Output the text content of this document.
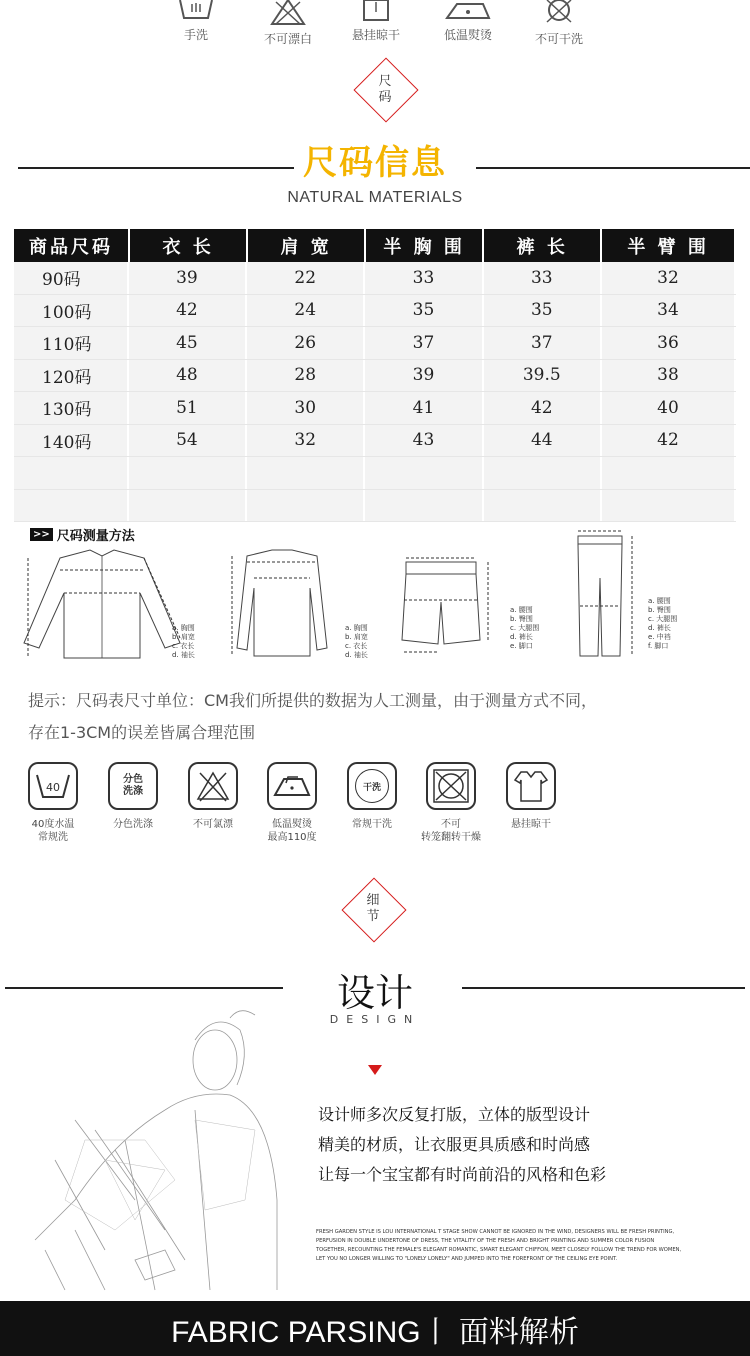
手洗	不可漂白	悬挂晾干	低温熨烫	不可干洗
尺
码
尺码信息
NATURAL MATERIALS
商品尺码	衣 长	肩 宽	半 胸 围	裤 长	半 臂 围
90码	39	22	33	33	32
100码	42	24	35	35	34
110码	45	26	37	37	36
120码	48	28	39	39.5	38
130码	51	30	41	42	40
140码	54	32	43	44	42
>> 尺码测量方法
a. 胸围
b. 肩宽
c. 衣长
d. 袖长
a. 胸围
b. 肩宽
c. 衣长
d. 袖长
a. 腰围
b. 臀围
c. 大腿围
d. 裤长
e. 脚口
a. 腰围
b. 臀围
c. 大腿围
d. 裤长
e. 中裆
f. 脚口
提示：尺码表尺寸单位：CM我们所提供的数据为人工测量，由于测量方式不同，
存在1-3CM的误差皆属合理范围
40
40度水温
常规洗
分色
洗涤
分色洗涤	不可氯漂	低温熨烫
最高110度
干洗
常规干洗	不可
转笼翻转干燥
悬挂晾干
细
节
设计
DESIGN
设计师多次反复打版，立体的版型设计
精美的材质，让衣服更具质感和时尚感
让每一个宝宝都有时尚前沿的风格和色彩
FRESH GARDEN STYLE IS LOU INTERNATIONAL T STAGE SHOW CANNOT BE IGNORED IN THE WIND, DESIGNERS WILL BE FRESH PRINTING, PERFUSION IN DOUBLE UNDERTONE OF DRESS, THE VITALITY OF THE FRESH AND BRIGHT PRINTING AND SUMMER COLOR FUSION TOGETHER, RECOUNTING THE FEMALE'S ELEGANT ROMANTIC, SMART ELEGANT CHIFFON, MEET CLOSELY FOLLOW THE TREND FOR WOMEN, LET YOU NO LONGER WILLING TO "LONELY LONELY" AND JUMPED INTO THE FOREFRONT OF THE CEILING EYE POINT.
FABRIC PARSING丨 面料解析
